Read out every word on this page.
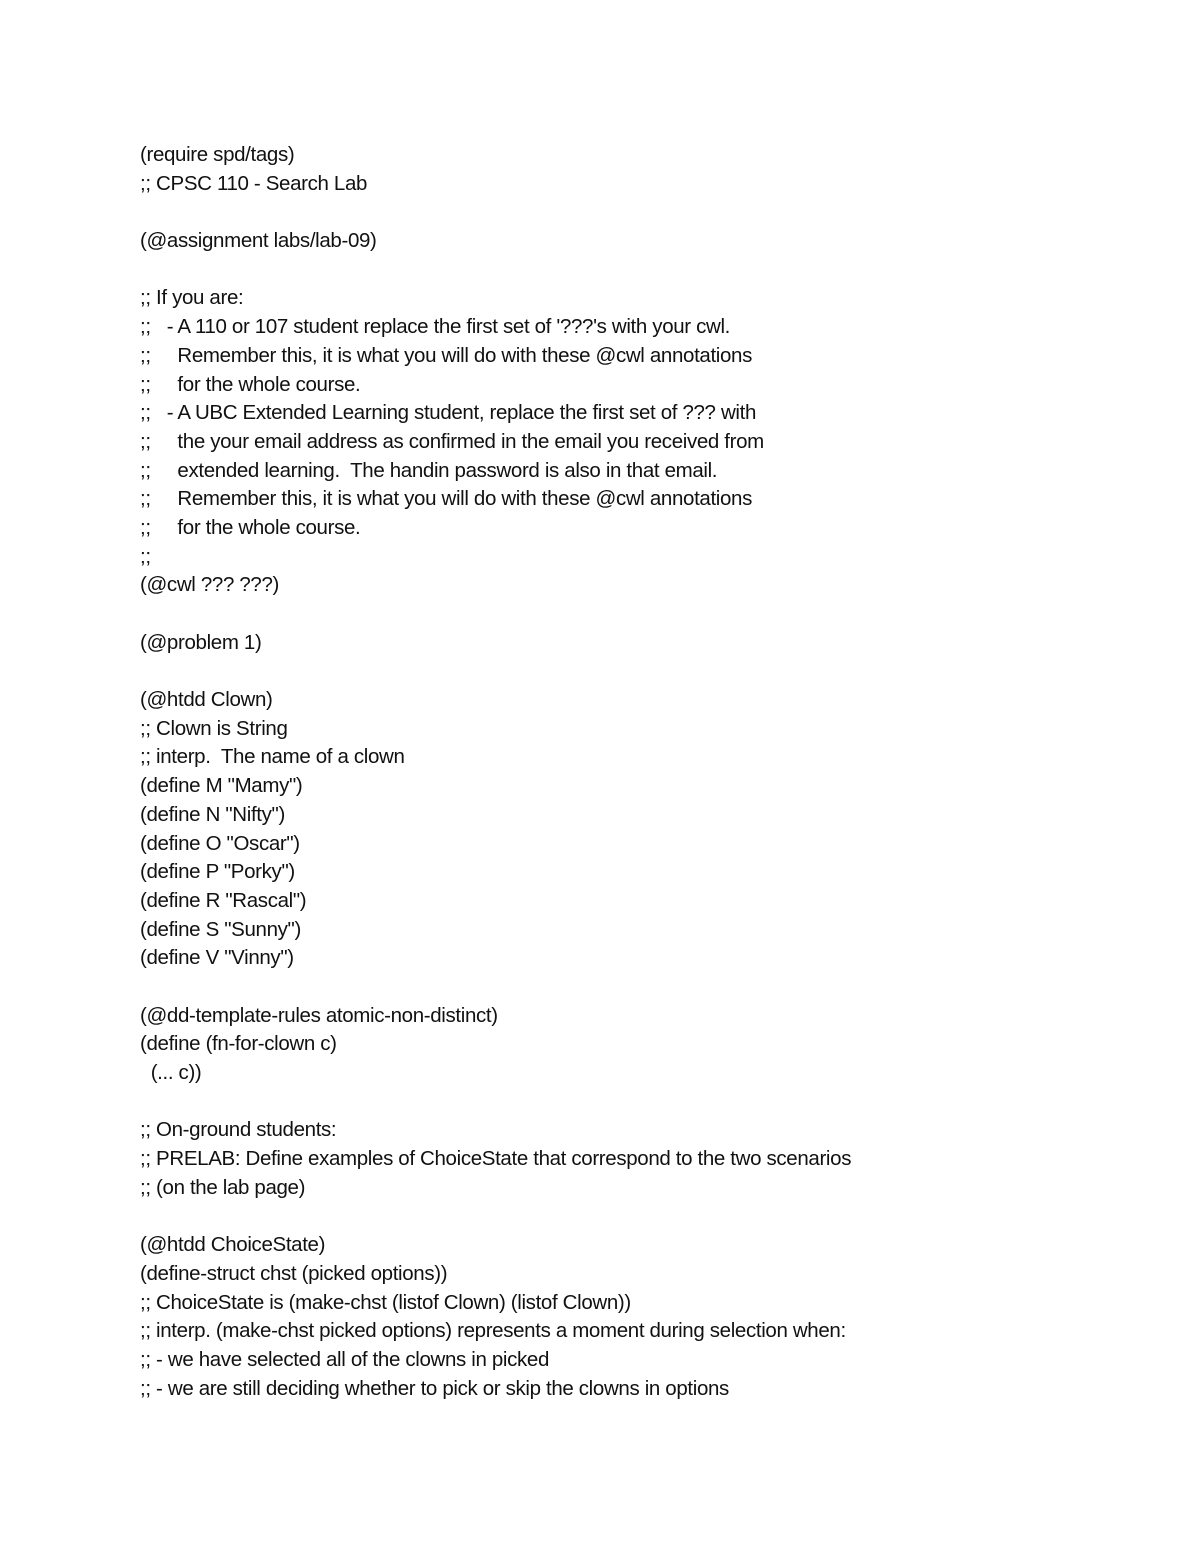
(require spd/tags)
;; CPSC 110 - Search Lab
(@assignment labs/lab-09)
;; If you are:
;;   - A 110 or 107 student replace the first set of '???'s with your cwl.
;;     Remember this, it is what you will do with these @cwl annotations
;;     for the whole course.
;;   - A UBC Extended Learning student, replace the first set of ??? with
;;     the your email address as confirmed in the email you received from
;;     extended learning.  The handin password is also in that email.
;;     Remember this, it is what you will do with these @cwl annotations
;;     for the whole course.
;;
(@cwl ??? ???)
(@problem 1)
(@htdd Clown)
;; Clown is String
;; interp.  The name of a clown
(define M "Mamy")
(define N "Nifty")
(define O "Oscar")
(define P "Porky")
(define R "Rascal")
(define S "Sunny")
(define V "Vinny")
(@dd-template-rules atomic-non-distinct)
(define (fn-for-clown c)
(... c))
;; On-ground students:
;; PRELAB: Define examples of ChoiceState that correspond to the two scenarios
;; (on the lab page)
(@htdd ChoiceState)
(define-struct chst (picked options))
;; ChoiceState is (make-chst (listof Clown) (listof Clown))
;; interp. (make-chst picked options) represents a moment during selection when:
;; - we have selected all of the clowns in picked
;; - we are still deciding whether to pick or skip the clowns in options
